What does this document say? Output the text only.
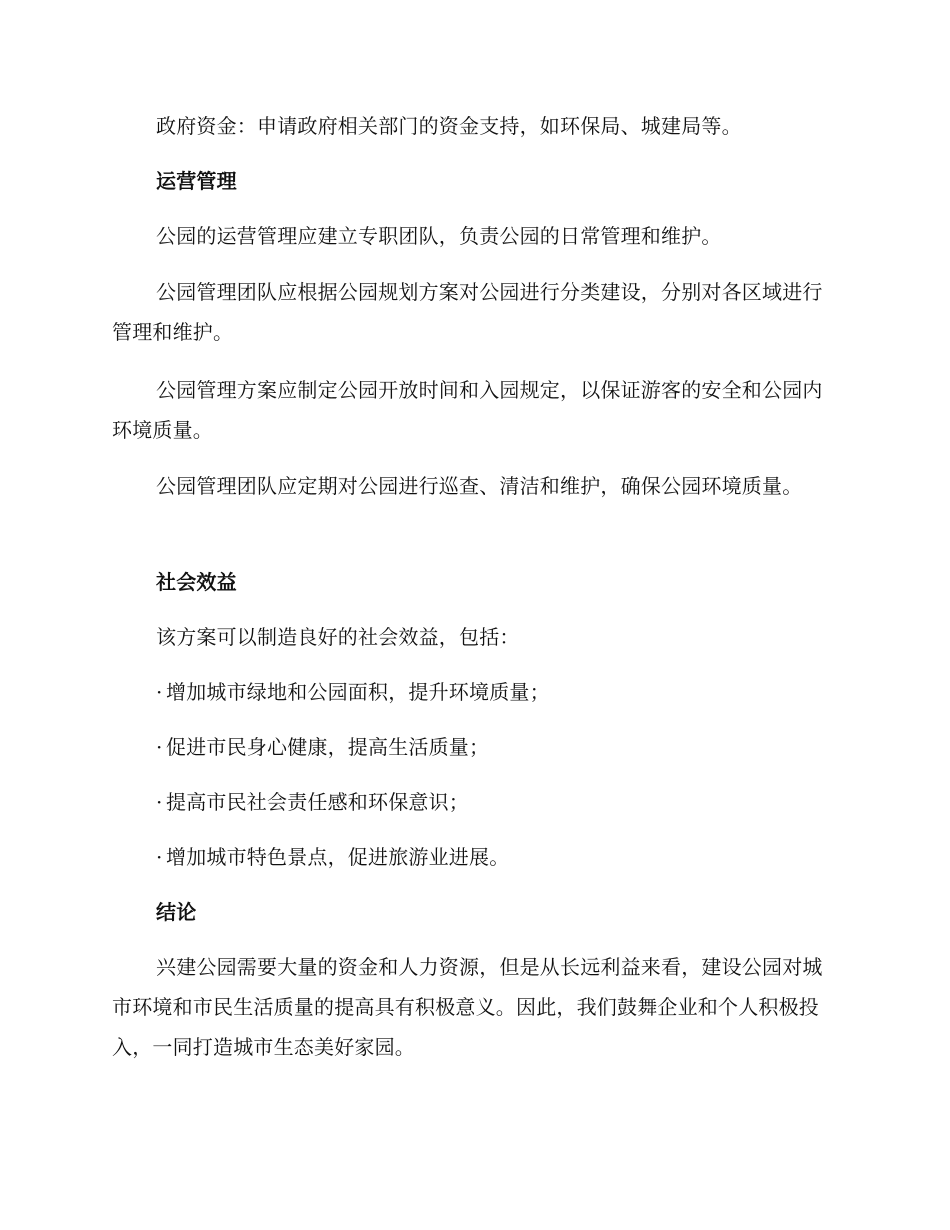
政府资金：申请政府相关部门的资金支持，如环保局、城建局等。

运营管理

公园的运营管理应建立专职团队，负责公园的日常管理和维护。

公园管理团队应根据公园规划方案对公园进行分类建设，分别对各区域进行管理和维护。

公园管理方案应制定公园开放时间和入园规定，以保证游客的安全和公园内环境质量。

公园管理团队应定期对公园进行巡查、清洁和维护，确保公园环境质量。

社会效益

该方案可以制造良好的社会效益，包括：

· 增加城市绿地和公园面积，提升环境质量；

· 促进市民身心健康，提高生活质量；

· 提高市民社会责任感和环保意识；

· 增加城市特色景点，促进旅游业进展。

结论

兴建公园需要大量的资金和人力资源，但是从长远利益来看，建设公园对城市环境和市民生活质量的提高具有积极意义。因此，我们鼓舞企业和个人积极投入，一同打造城市生态美好家园。
